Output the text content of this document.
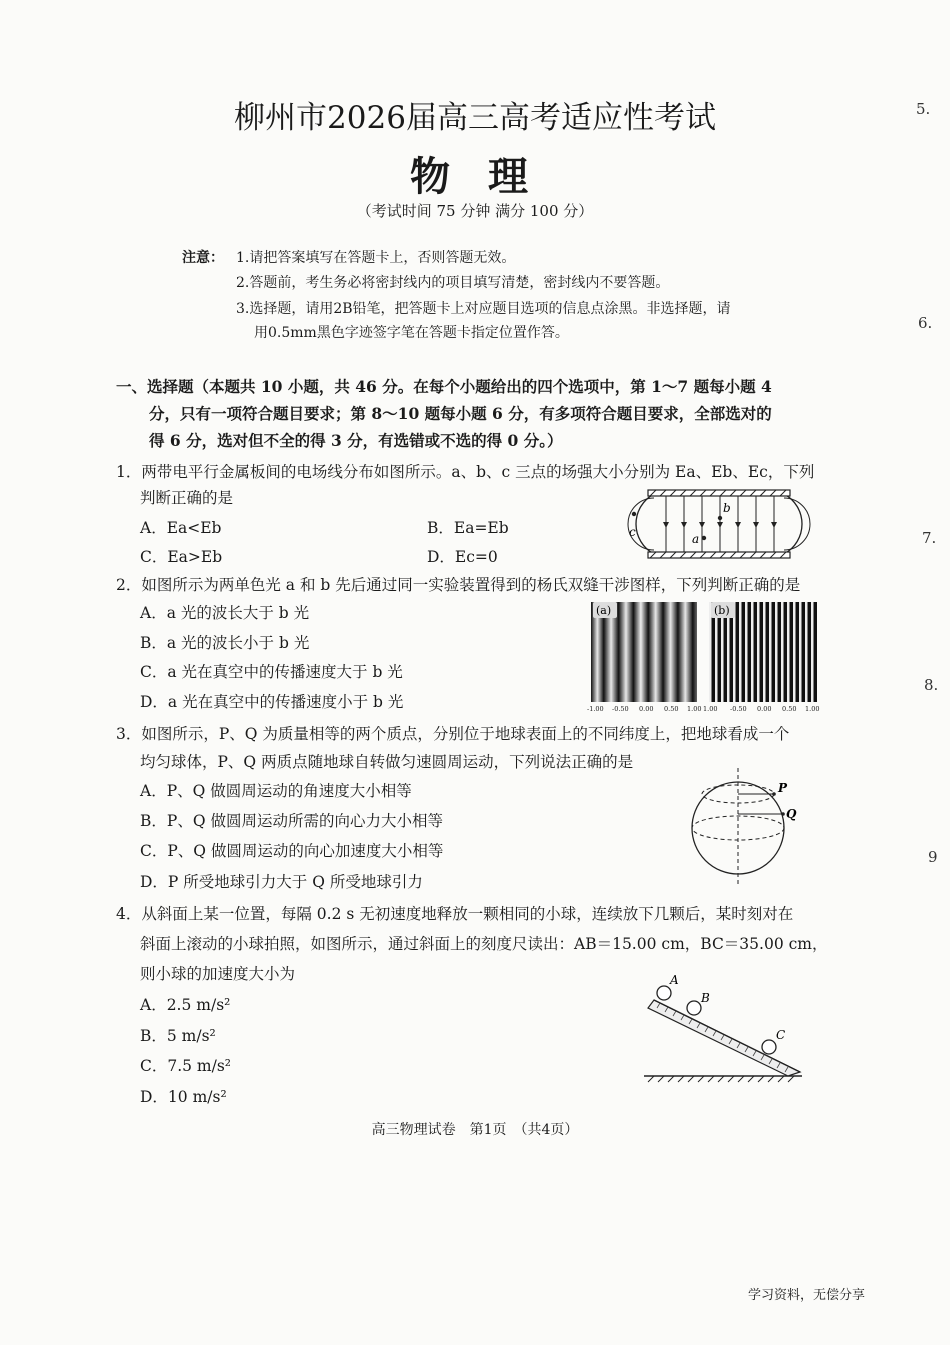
柳州市2026届高三高考适应性考试
物 理
（考试时间 75 分钟 满分 100 分）
注意： 1.请把答案填写在答题卡上，否则答题无效。
2.答题前，考生务必将密封线内的项目填写清楚，密封线内不要答题。
3.选择题，请用2B铅笔，把答题卡上对应题目选项的信息点涂黑。非选择题，请
用0.5mm黑色字迹签字笔在答题卡指定位置作答。
一、选择题（本题共 10 小题，共 46 分。在每个小题给出的四个选项中，第 1～7 题每小题 4
分，只有一项符合题目要求；第 8～10 题每小题 6 分，有多项符合题目要求，全部选对的
得 6 分，选对但不全的得 3 分，有选错或不选的得 0 分。）
1．两带电平行金属板间的电场线分布如图所示。a、b、c 三点的场强大小分别为 Ea、Eb、Ec，下列
判断正确的是
A．Ea<Eb	B．Ea=Eb
C．Ea>Eb	D．Ec=0
b
a
c
2．如图所示为两单色光 a 和 b 先后通过同一实验装置得到的杨氏双缝干涉图样，下列判断正确的是
A．a 光的波长大于 b 光
B．a 光的波长小于 b 光
C．a 光在真空中的传播速度大于 b 光
D．a 光在真空中的传播速度小于 b 光
(a)	(b)
-1.00 -0.50 0.00 0.50 1.00 1.00 -0.50 0.00 0.50 1.00
3．如图所示，P、Q 为质量相等的两个质点，分别位于地球表面上的不同纬度上，把地球看成一个
均匀球体，P、Q 两质点随地球自转做匀速圆周运动，下列说法正确的是
A．P、Q 做圆周运动的角速度大小相等
B．P、Q 做圆周运动所需的向心力大小相等
C．P、Q 做圆周运动的向心加速度大小相等
D．P 所受地球引力大于 Q 所受地球引力
P
Q
4．从斜面上某一位置，每隔 0.2 s 无初速度地释放一颗相同的小球，连续放下几颗后，某时刻对在
斜面上滚动的小球拍照，如图所示，通过斜面上的刻度尺读出：AB＝15.00 cm，BC＝35.00 cm，
则小球的加速度大小为
A．2.5 m/s²
B．5 m/s²
C．7.5 m/s²
D．10 m/s²
A
B
C
高三物理试卷　第1页　（共4页）
学习资料，无偿分享
5.
6.
7.
8.
9
